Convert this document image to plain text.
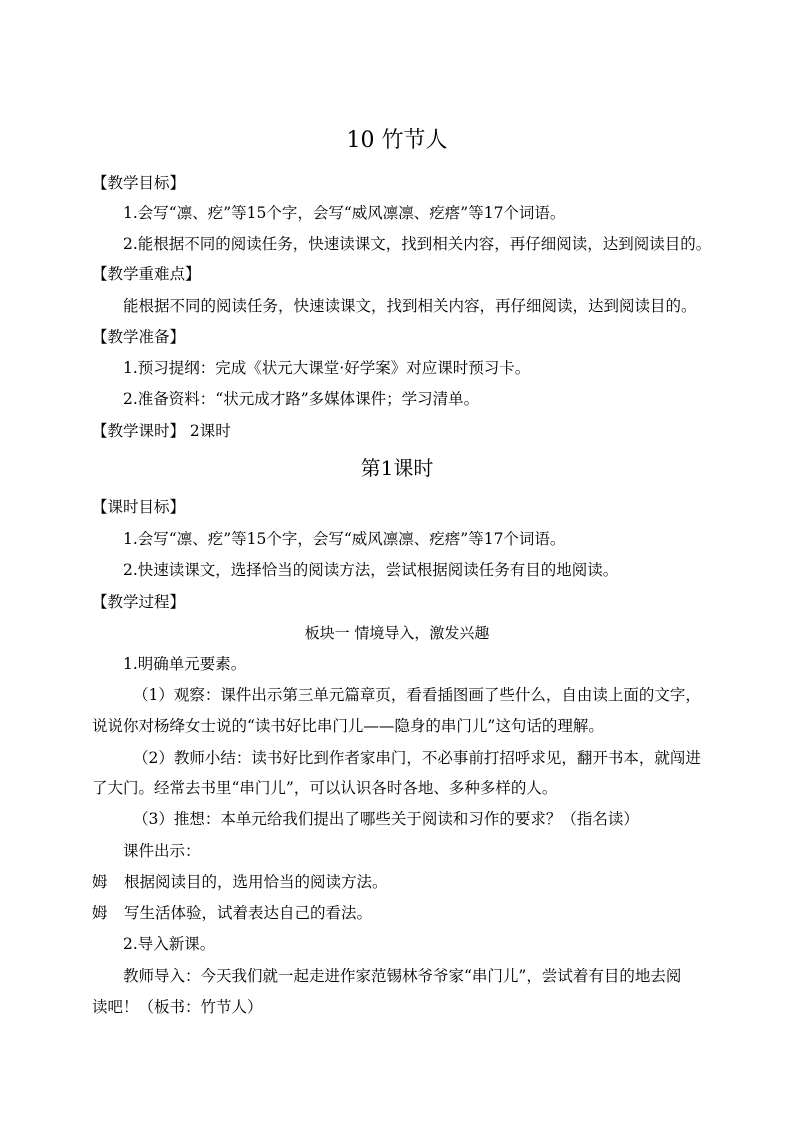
10 竹节人
【教学目标】
1.会写“凛、疙”等15个字，会写“威风凛凛、疙瘩”等17个词语。
2.能根据不同的阅读任务，快速读课文，找到相关内容，再仔细阅读，达到阅读目的。
【教学重难点】
能根据不同的阅读任务，快速读课文，找到相关内容，再仔细阅读，达到阅读目的。
【教学准备】
1.预习提纲：完成《状元大课堂·好学案》对应课时预习卡。
2.准备资料：“状元成才路”多媒体课件；学习清单。
【教学课时】 2课时
第1课时
【课时目标】
1.会写“凛、疙”等15个字，会写“威风凛凛、疙瘩”等17个词语。
2.快速读课文，选择恰当的阅读方法，尝试根据阅读任务有目的地阅读。
【教学过程】
板块一 情境导入，激发兴趣
1.明确单元要素。
（1）观察：课件出示第三单元篇章页，看看插图画了些什么，自由读上面的文字，
说说你对杨绛女士说的“读书好比串门儿——隐身的串门儿”这句话的理解。
（2）教师小结：读书好比到作者家串门，不必事前打招呼求见，翻开书本，就闯进
了大门。经常去书里“串门儿”，可以认识各时各地、多种多样的人。
（3）推想：本单元给我们提出了哪些关于阅读和习作的要求？（指名读）
课件出示：
姆 根据阅读目的，选用恰当的阅读方法。
姆 写生活体验，试着表达自己的看法。
2.导入新课。
教师导入：今天我们就一起走进作家范锡林爷爷家“串门儿”，尝试着有目的地去阅
读吧！（板书：竹节人）
